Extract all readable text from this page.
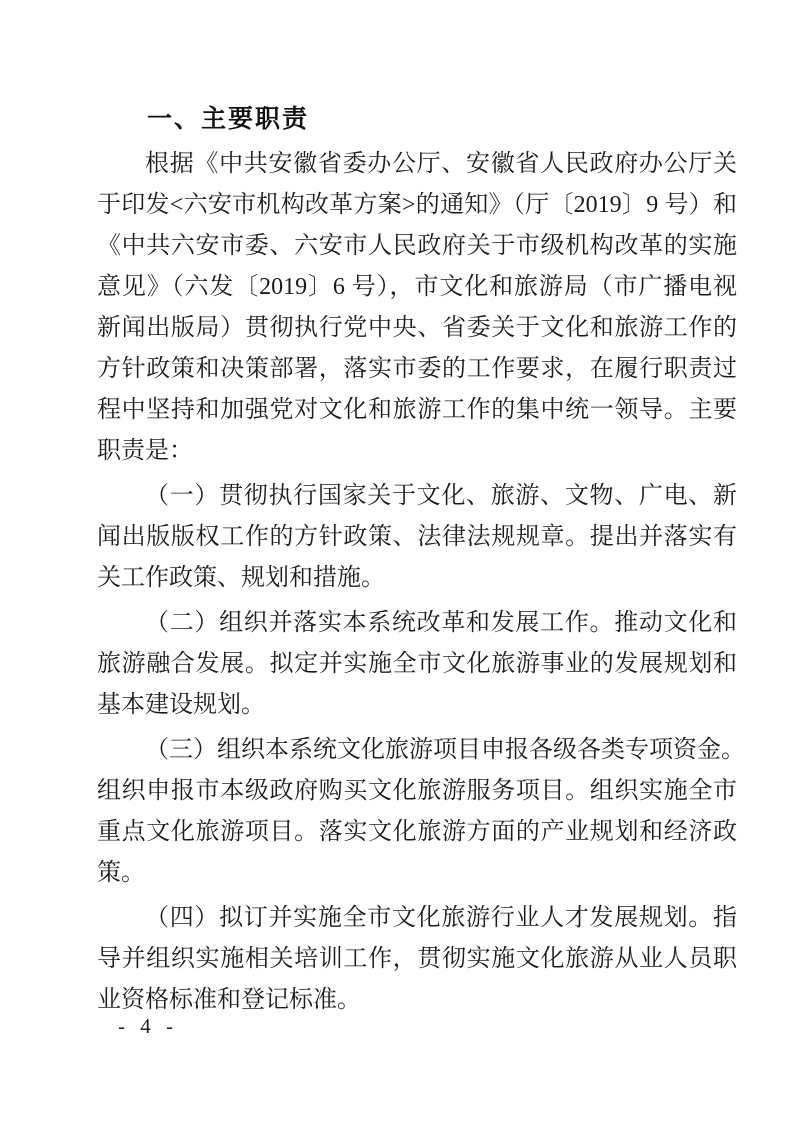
一、主要职责

根据《中共安徽省委办公厅、安徽省人民政府办公厅关
于印发<六安市机构改革方案>的通知》（厅〔2019〕9 号）和
《中共六安市委、六安市人民政府关于市级机构改革的实施
意见》（六发〔2019〕6 号），市文化和旅游局（市广播电视
新闻出版局）贯彻执行党中央、省委关于文化和旅游工作的
方针政策和决策部署，落实市委的工作要求，在履行职责过
程中坚持和加强党对文化和旅游工作的集中统一领导。主要
职责是：

（一）贯彻执行国家关于文化、旅游、文物、广电、新
闻出版版权工作的方针政策、法律法规规章。提出并落实有
关工作政策、规划和措施。

（二）组织并落实本系统改革和发展工作。推动文化和
旅游融合发展。拟定并实施全市文化旅游事业的发展规划和
基本建设规划。

（三）组织本系统文化旅游项目申报各级各类专项资金。
组织申报市本级政府购买文化旅游服务项目。组织实施全市
重点文化旅游项目。落实文化旅游方面的产业规划和经济政
策。

（四）拟订并实施全市文化旅游行业人才发展规划。指
导并组织实施相关培训工作，贯彻实施文化旅游从业人员职
业资格标准和登记标准。

- 4 -
